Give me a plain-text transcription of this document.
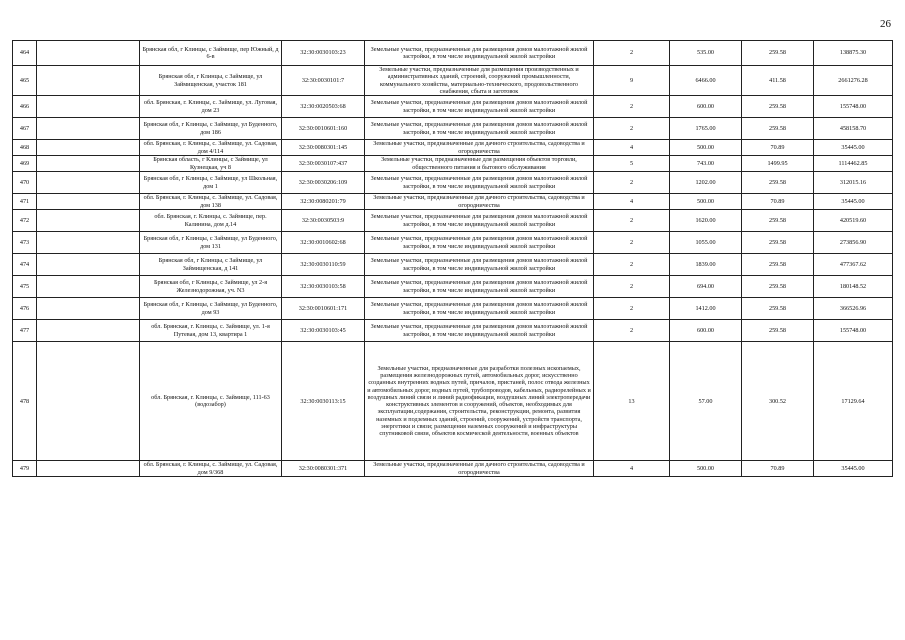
26
464		Брянская обл, г Клинцы, с Займище, пер Южный, д 6-в	32:30:0030103:23	Земельные участки, предназначенные для размещения домов малоэтажной жилой застройки, в том числе индивидуальной жилой застройки	2	535.00	259.58	138875.30
465		Брянская обл, г Клинцы, с Займище, ул Займищенская, участок 181	32:30:0030101:7	Земельные участки, предназначенные для размещения производственных и административных зданий, строений, сооружений промышленности, коммунального хозяйства, материально-технического, продовольственного снабжения, сбыта и заготовок	9	6466.00	411.58	2661276.28
466		обл. Брянская, г. Клинцы, с. Займище, ул. Луговая, дом 23	32:30:0020503:68	Земельные участки, предназначенные для размещения домов малоэтажной жилой застройки, в том числе индивидуальной жилой застройки	2	600.00	259.58	155748.00
467		Брянская обл, г Клинцы, с Займище, ул Буденного, дом 186	32:30:0010601:160	Земельные участки, предназначенные для размещения домов малоэтажной жилой застройки, в том числе индивидуальной жилой застройки	2	1765.00	259.58	458158.70
468		обл. Брянская, г. Клинцы, с. Займище, ул. Садовая, дом 4/114	32:30:0080301:145	Земельные участки, предназначенные для дачного строительства, садоводства и огородничества	4	500.00	70.89	35445.00
469		Брянская область, г Клинцы, с Займище, ул Кузнецкая, уч 8	32:30:0030107:437	Земельные участки, предназначенные для размещения объектов торговли, общественного питания и бытового обслуживания	5	743.00	1499.95	1114462.85
470		Брянская обл, г Клинцы, с Займище, ул Школьная, дом 1	32:30:0030206:109	Земельные участки, предназначенные для размещения домов малоэтажной жилой застройки, в том числе индивидуальной жилой застройки	2	1202.00	259.58	312015.16
471		обл. Брянская, г. Клинцы, с. Займище, ул. Садовая, дом 138	32:30:0080201:79	Земельные участки, предназначенные для дачного строительства, садоводства и огородничества	4	500.00	70.89	35445.00
472		обл. Брянская, г. Клинцы, с. Займище, пер. Калинина, дом д.14	32:30:0030503:9	Земельные участки, предназначенные для размещения домов малоэтажной жилой застройки, в том числе индивидуальной жилой застройки	2	1620.00	259.58	420519.60
473		Брянская обл, г Клинцы, с Займище, ул Буденного, дом 131	32:30:0010602:68	Земельные участки, предназначенные для размещения домов малоэтажной жилой застройки, в том числе индивидуальной жилой застройки	2	1055.00	259.58	273856.90
474		Брянская обл, г Клинцы, с Займище, ул Займищенская, д 141	32:30:0030110:59	Земельные участки, предназначенные для размещения домов малоэтажной жилой застройки, в том числе индивидуальной жилой застройки	2	1839.00	259.58	477367.62
475		Брянская обл, г Клинцы, с Займище, ул 2-я Железнодорожная, уч. N3	32:30:0030103:58	Земельные участки, предназначенные для размещения домов малоэтажной жилой застройки, в том числе индивидуальной жилой застройки	2	694.00	259.58	180148.52
476		Брянская обл, г Клинцы, с Займище, ул Буденного, дом 93	32:30:0010601:171	Земельные участки, предназначенные для размещения домов малоэтажной жилой застройки, в том числе индивидуальной жилой застройки	2	1412.00	259.58	366526.96
477		обл. Брянская, г. Клинцы, с. Займище, ул. 1-я Путевая, дом 13, квартира 1	32:30:0030103:45	Земельные участки, предназначенные для размещения домов малоэтажной жилой застройки, в том числе индивидуальной жилой застройки	2	600.00	259.58	155748.00
478		обл. Брянская, г. Клинцы, с. Займище, 111-63 (водозабор)	32:30:0030113:15	Земельные участки, предназначенные для разработки полезных ископаемых, размещения железнодорожных путей, автомобильных дорог, искусственно созданных внутренних водных путей, причалов, пристаней, полос отвода железных и автомобильных дорог, водных путей, трубопроводов, кабельных, радиорелейных и воздушных линий связи и линий радиофикации, воздушных линий электропередачи конструктивных элементов и сооружений, объектов, необходимых для эксплуатации,содержания, строительства, реконструкции, ремонта, развития наземных и подземных зданий, строений, сооружений, устройств транспорта, энергетики и связи; размещения наземных сооружений и инфраструктуры спутниковой связи, объектов космической деятельности, военных объектов	13	57.00	300.52	17129.64
479		обл. Брянская, г. Клинцы, с. Займище, ул. Садовая, дом 9/368	32:30:0080301:371	Земельные участки, предназначенные для дачного строительства, садоводства и огородничества	4	500.00	70.89	35445.00
